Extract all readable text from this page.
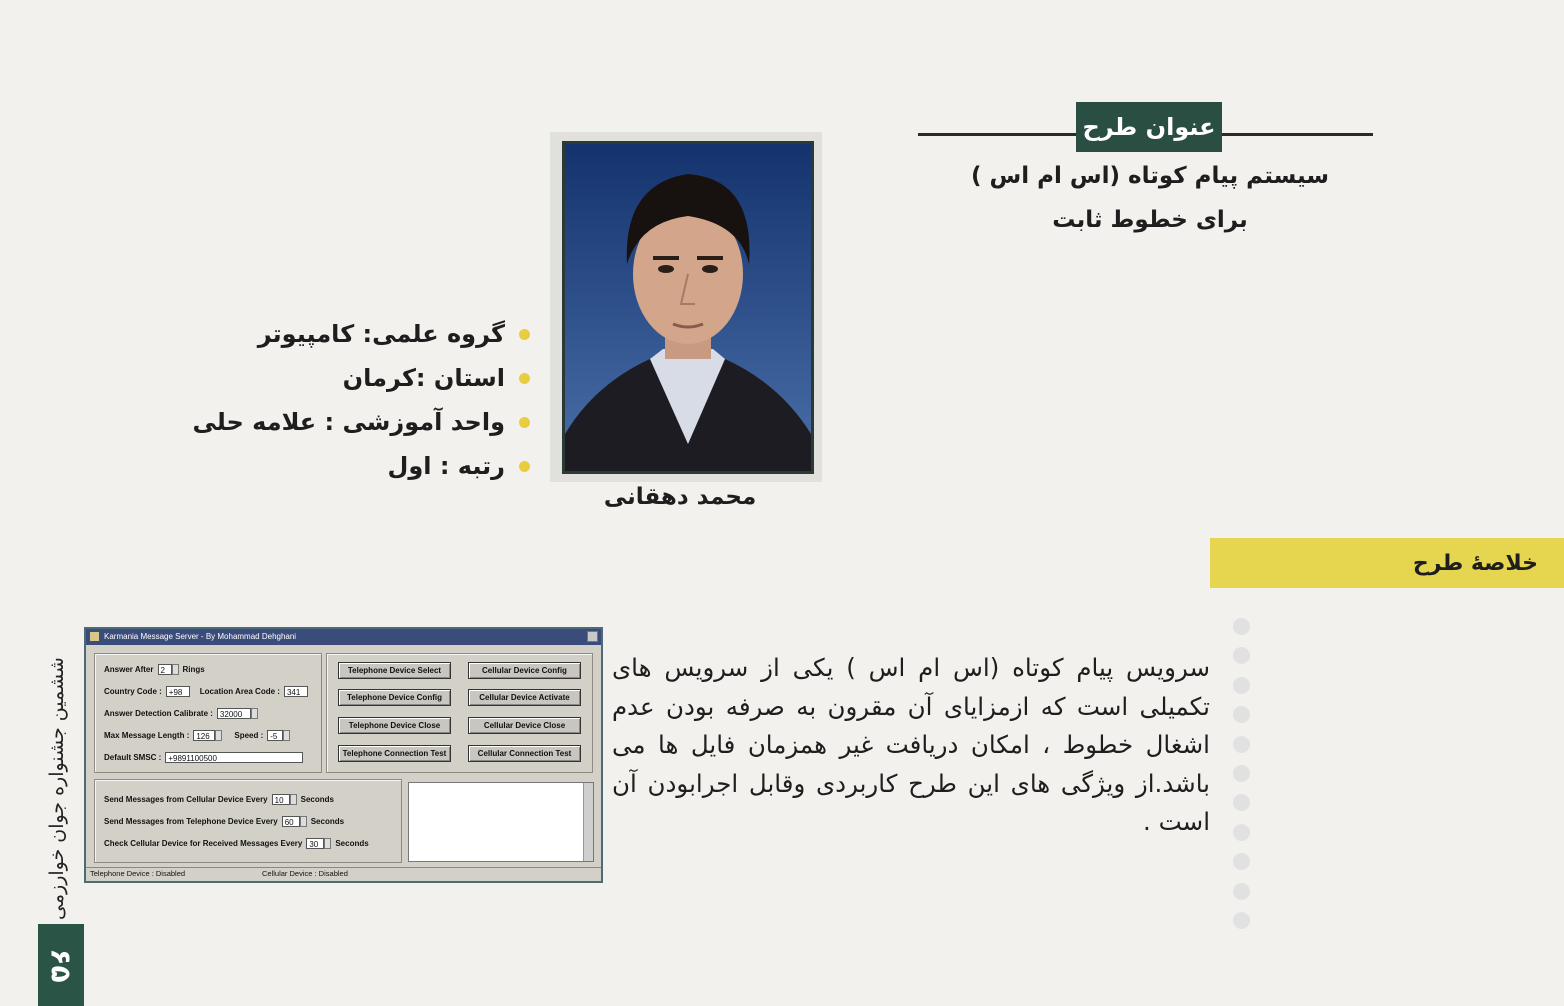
ششمین جشنواره جوان خوارزمی
۶۵
عنوان طرح
سیستم پیام کوتاه (اس ام اس )
برای خطوط ثابت
محمد دهقانی
گروه علمی: کامپیوتر
استان :کرمان
واحد آموزشی : علامه حلی
رتبه : اول
خلاصهٔ طرح
سرویس پیام کوتاه (اس ام اس ) یکی از سرویس های تکمیلی است که ازمزایای آن مقرون به صرفه بودن عدم اشغال خطوط ، امکان دریافت غیر همزمان فایل ها می باشد.از ویژگی های این طرح کاربردی وقابل اجرابودن آن است .
Karmania Message Server - By Mohammad Dehghani
Answer After 2	Rings
Country Code : +98	Location Area Code : 341
Answer Detection Calibrate : 32000
Max Message Length : 126	Speed : -5
Default SMSC : +9891100500
Telephone Device Select	Cellular Device Config
Telephone Device Config	Cellular Device Activate
Telephone Device Close	Cellular Device Close
Telephone Connection Test	Cellular Connection Test
Send Messages from Cellular Device Every 10	Seconds
Send Messages from Telephone Device Every 60	Seconds
Check Cellular Device for Received Messages Every 30	Seconds
Telephone Device : Disabled	Cellular Device : Disabled
